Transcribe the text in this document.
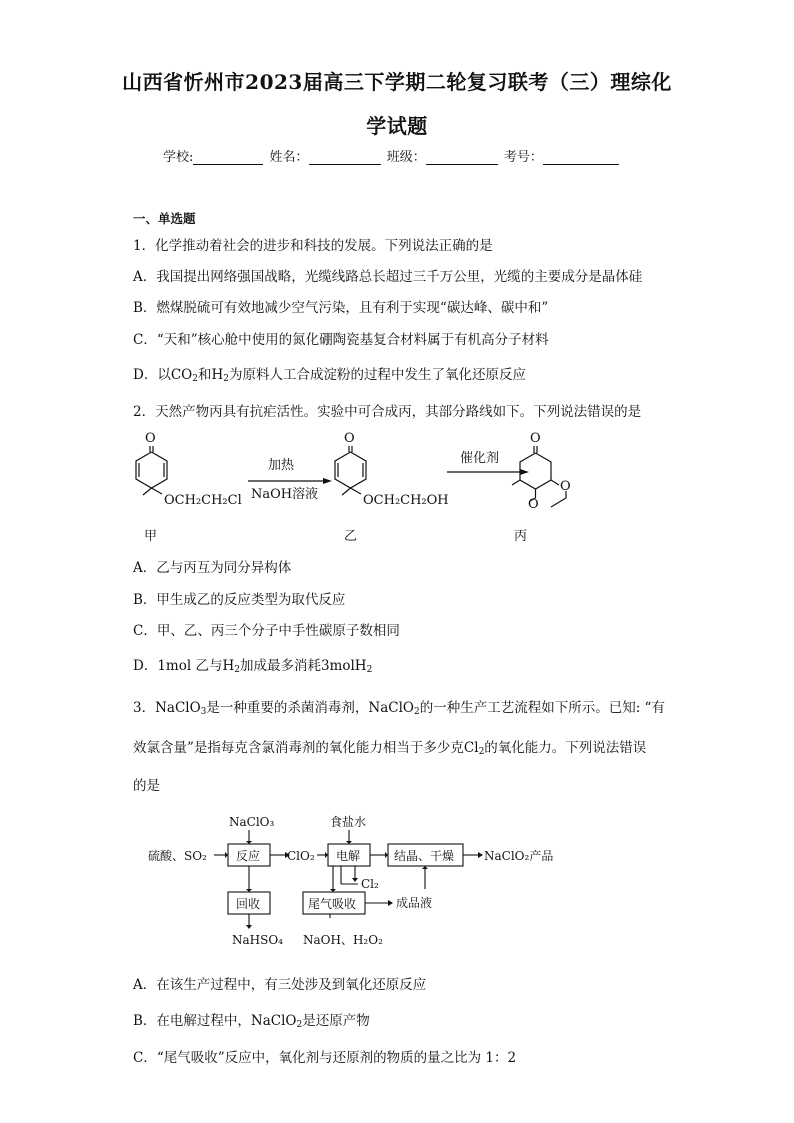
山西省忻州市2023届高三下学期二轮复习联考（三）理综化
学试题
学校:	姓名：	班级：	考号：
一、单选题
1．化学推动着社会的进步和科技的发展。下列说法正确的是
A．我国提出网络强国战略，光缆线路总长超过三千万公里，光缆的主要成分是晶体硅
B．燃煤脱硫可有效地减少空气污染，且有利于实现“碳达峰、碳中和”
C．“天和”核心舱中使用的氮化硼陶瓷基复合材料属于有机高分子材料
D．以$CO_2$和$H_2$为原料人工合成淀粉的过程中发生了氧化还原反应
2．天然产物丙具有抗疟活性。实验中可合成丙，其部分路线如下。下列说法错误的是
O
OCH₂CH₂Cl
加热
NaOH溶液
O
OCH₂CH₂OH
催化剂
O
O
O
甲	乙	丙
A．乙与丙互为同分异构体
B．甲生成乙的反应类型为取代反应
C．甲、乙、丙三个分子中手性碳原子数相同
D．1mol 乙与$H_2$加成最多消耗3molH$_2$
3．NaClO$_3$是一种重要的杀菌消毒剂，NaClO$_2$的一种生产工艺流程如下所示。已知: “有
效氯含量”是指每克含氯消毒剂的氧化能力相当于多少克$Cl_2$的氧化能力。下列说法错误
的是
NaClO₃
硫酸、SO₂ 反应 ClO₂
食盐水
电解	结晶、干燥 NaClO₂产品
Cl₂
回收	尾气吸收	成品液
NaHSO₄ NaOH、H₂O₂
A．在该生产过程中，有三处涉及到氧化还原反应
B．在电解过程中，NaClO$_2$是还原产物
C．“尾气吸收”反应中，氧化剂与还原剂的物质的量之比为 1：2
